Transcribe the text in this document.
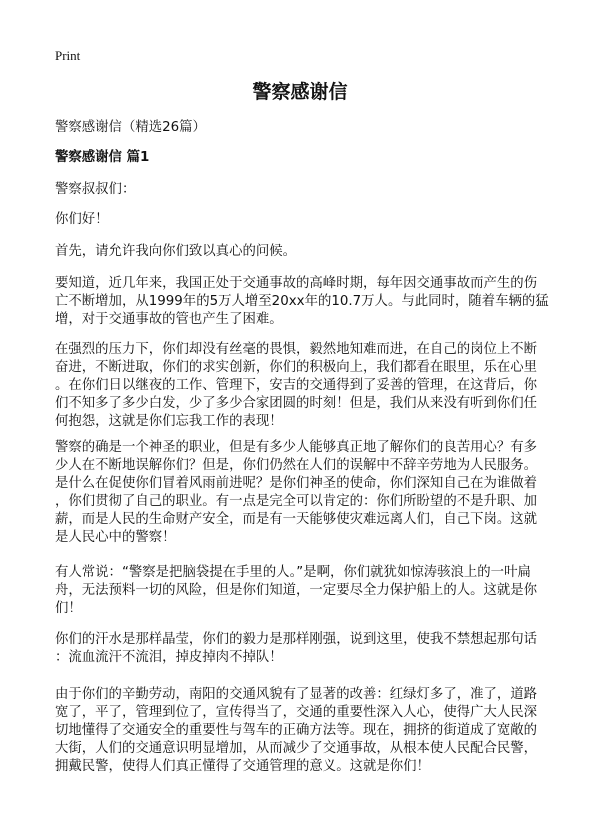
Print
警察感谢信
警察感谢信（精选26篇）
警察感谢信 篇1
警察叔叔们：
你们好！
首先，请允许我向你们致以真心的问候。
要知道，近几年来，我国正处于交通事故的高峰时期，每年因交通事故而产生的伤
亡不断增加，从1999年的5万人增至20xx年的10.7万人。与此同时，随着车辆的猛
增，对于交通事故的管也产生了困难。
在强烈的压力下，你们却没有丝毫的畏惧，毅然地知难而进，在自己的岗位上不断
奋进，不断进取，你们的求实创新，你们的积极向上，我们都看在眼里，乐在心里
。在你们日以继夜的工作、管理下，安吉的交通得到了妥善的管理，在这背后，你
们不知多了多少白发，少了多少合家团圆的时刻！但是，我们从来没有听到你们任
何抱怨，这就是你们忘我工作的表现！
警察的确是一个神圣的职业，但是有多少人能够真正地了解你们的良苦用心？有多
少人在不断地误解你们？但是，你们仍然在人们的误解中不辞辛劳地为人民服务。
是什么在促使你们冒着风雨前进呢？是你们神圣的使命，你们深知自己在为谁做着
，你们贯彻了自己的职业。有一点是完全可以肯定的：你们所盼望的不是升职、加
薪，而是人民的生命财产安全，而是有一天能够使灾难远离人们，自己下岗。这就
是人民心中的警察！
有人常说：“警察是把脑袋提在手里的人。”是啊，你们就犹如惊涛骇浪上的一叶扁
舟，无法预料一切的风险，但是你们知道，一定要尽全力保护船上的人。这就是你
们！
你们的汗水是那样晶莹，你们的毅力是那样刚强，说到这里，使我不禁想起那句话
：流血流汗不流泪，掉皮掉肉不掉队！
由于你们的辛勤劳动，南阳的交通风貌有了显著的改善：红绿灯多了，准了，道路
宽了，平了，管理到位了，宣传得当了，交通的重要性深入人心，使得广大人民深
切地懂得了交通安全的重要性与驾车的正确方法等。现在，拥挤的街道成了宽敞的
大街，人们的交通意识明显增加，从而减少了交通事故，从根本使人民配合民警，
拥戴民警，使得人们真正懂得了交通管理的意义。这就是你们！
